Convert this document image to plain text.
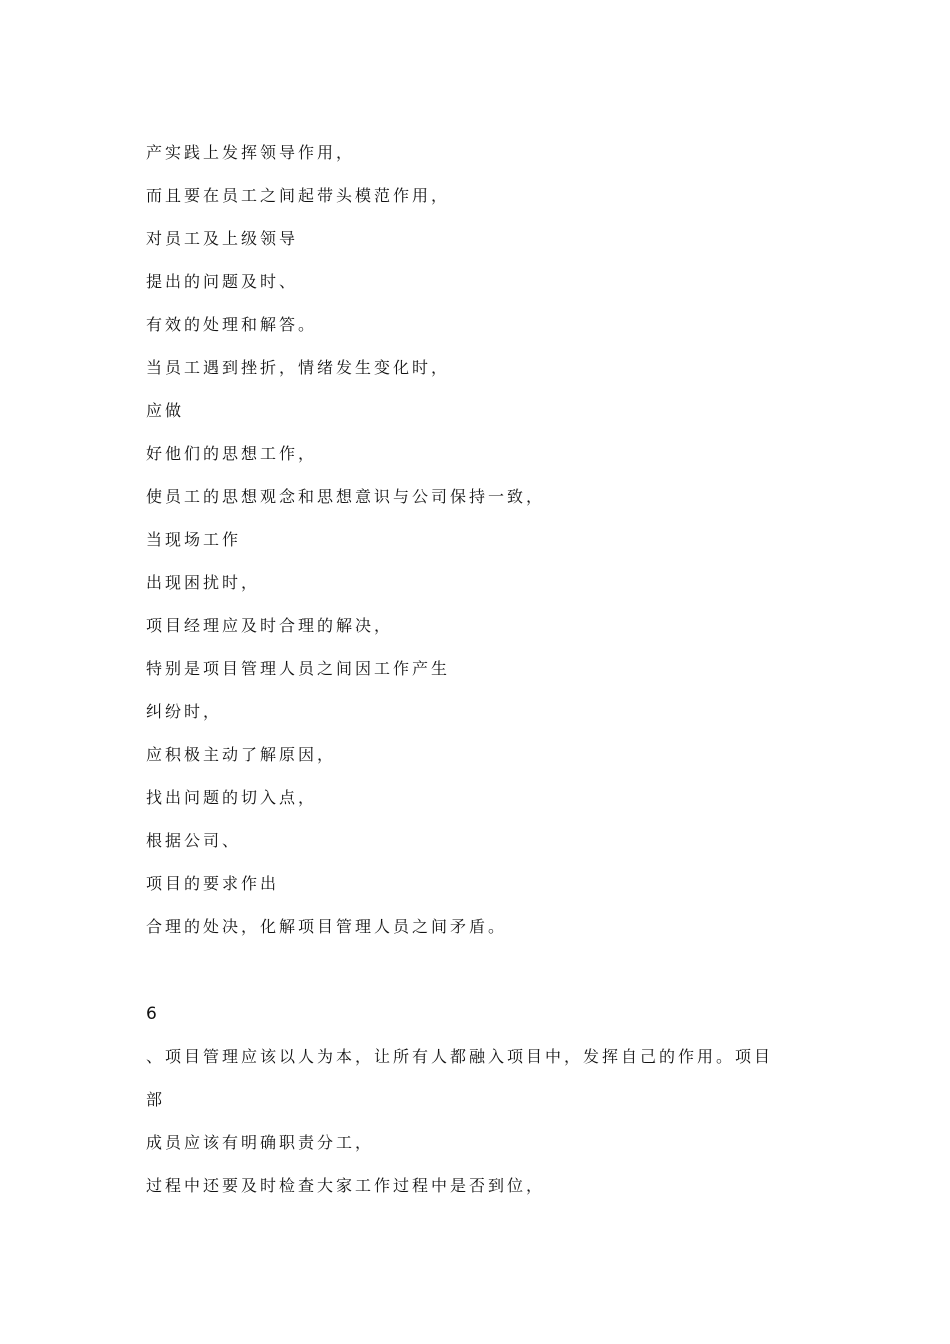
产实践上发挥领导作用，
而且要在员工之间起带头模范作用，
对员工及上级领导
提出的问题及时、
有效的处理和解答。
当员工遇到挫折，情绪发生变化时，
应做
好他们的思想工作，
使员工的思想观念和思想意识与公司保持一致，
当现场工作
出现困扰时，
项目经理应及时合理的解决，
特别是项目管理人员之间因工作产生
纠纷时，
应积极主动了解原因，
找出问题的切入点，
根据公司、
项目的要求作出
合理的处决，化解项目管理人员之间矛盾。
6
、项目管理应该以人为本，让所有人都融入项目中，发挥自己的作用。项目
部
成员应该有明确职责分工，
过程中还要及时检查大家工作过程中是否到位，
